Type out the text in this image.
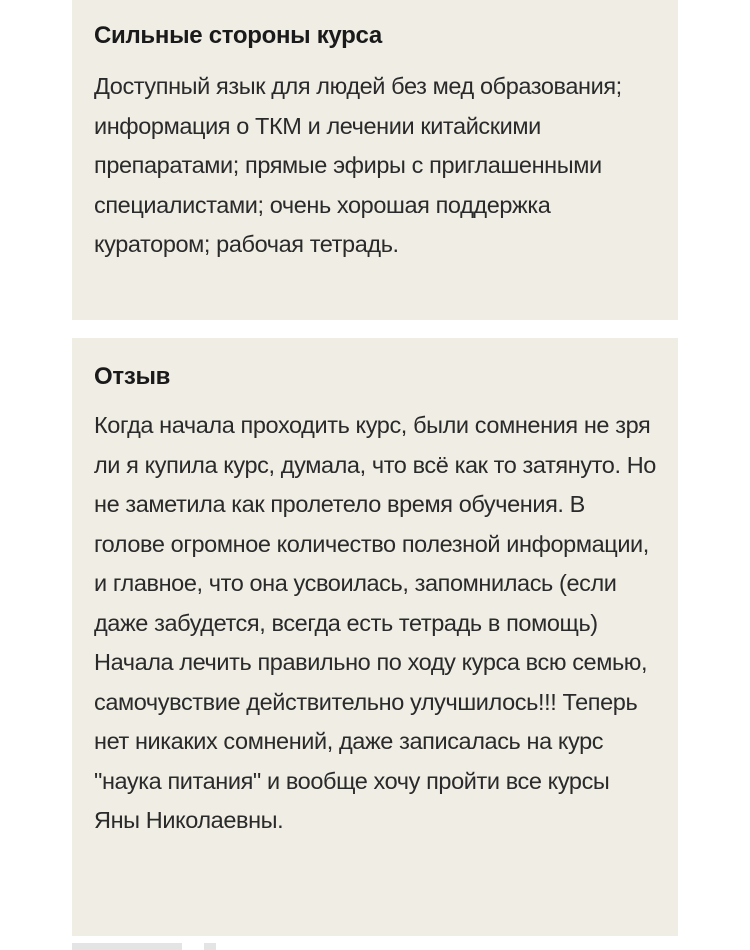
Сильные стороны курса

Доступный язык для людей без мед образования; информация о ТКМ и лечении китайскими препаратами; прямые эфиры с приглашенными специалистами; очень хорошая поддержка куратором; рабочая тетрадь.

Отзыв

Когда начала проходить курс, были сомнения не зря ли я купила курс, думала, что всё как то затянуто. Но не заметила как пролетело время обучения. В голове огромное количество полезной информации, и главное, что она усвоилась, запомнилась (если даже забудется, всегда есть тетрадь в помощь) Начала лечить правильно по ходу курса всю семью, самочувствие действительно улучшилось!!! Теперь нет никаких сомнений, даже записалась на курс "наука питания" и вообще хочу пройти все курсы Яны Николаевны.
